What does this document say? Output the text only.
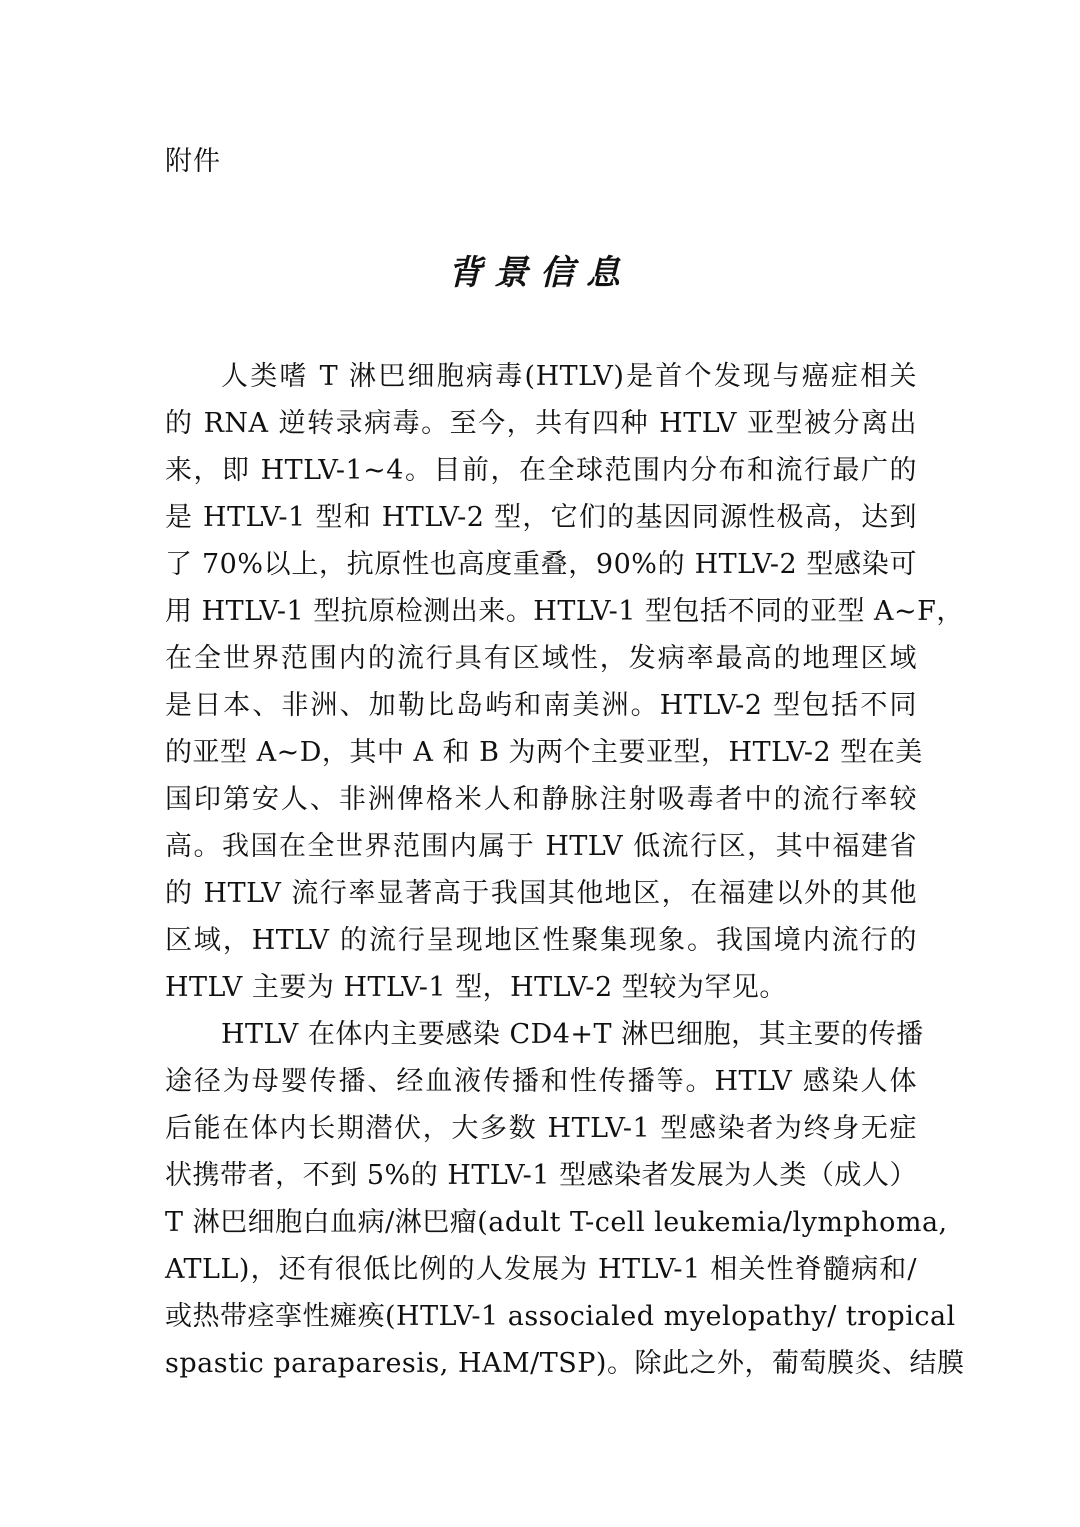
附件
背景信息
人类嗜 T 淋巴细胞病毒(HTLV)是首个发现与癌症相关
的 RNA 逆转录病毒。至今，共有四种 HTLV 亚型被分离出
来，即 HTLV-1~4。目前，在全球范围内分布和流行最广的
是 HTLV-1 型和 HTLV-2 型，它们的基因同源性极高，达到
了 70%以上，抗原性也高度重叠，90%的 HTLV-2 型感染可
用 HTLV-1 型抗原检测出来。HTLV-1 型包括不同的亚型 A~F，
在全世界范围内的流行具有区域性，发病率最高的地理区域
是日本、非洲、加勒比岛屿和南美洲。HTLV-2 型包括不同
的亚型 A~D，其中 A 和 B 为两个主要亚型，HTLV-2 型在美
国印第安人、非洲俾格米人和静脉注射吸毒者中的流行率较
高。我国在全世界范围内属于 HTLV 低流行区，其中福建省
的 HTLV 流行率显著高于我国其他地区，在福建以外的其他
区域，HTLV 的流行呈现地区性聚集现象。我国境内流行的
HTLV 主要为 HTLV-1 型，HTLV-2 型较为罕见。
HTLV 在体内主要感染 CD4+T 淋巴细胞，其主要的传播
途径为母婴传播、经血液传播和性传播等。HTLV 感染人体
后能在体内长期潜伏，大多数 HTLV-1 型感染者为终身无症
状携带者，不到 5%的 HTLV-1 型感染者发展为人类（成人）
T 淋巴细胞白血病/淋巴瘤(adult T-cell leukemia/lymphoma,
ATLL)，还有很低比例的人发展为 HTLV-1 相关性脊髓病和/
或热带痉挛性瘫痪(HTLV-1 associaled myelopathy/ tropical
spastic paraparesis, HAM/TSP)。除此之外，葡萄膜炎、结膜
